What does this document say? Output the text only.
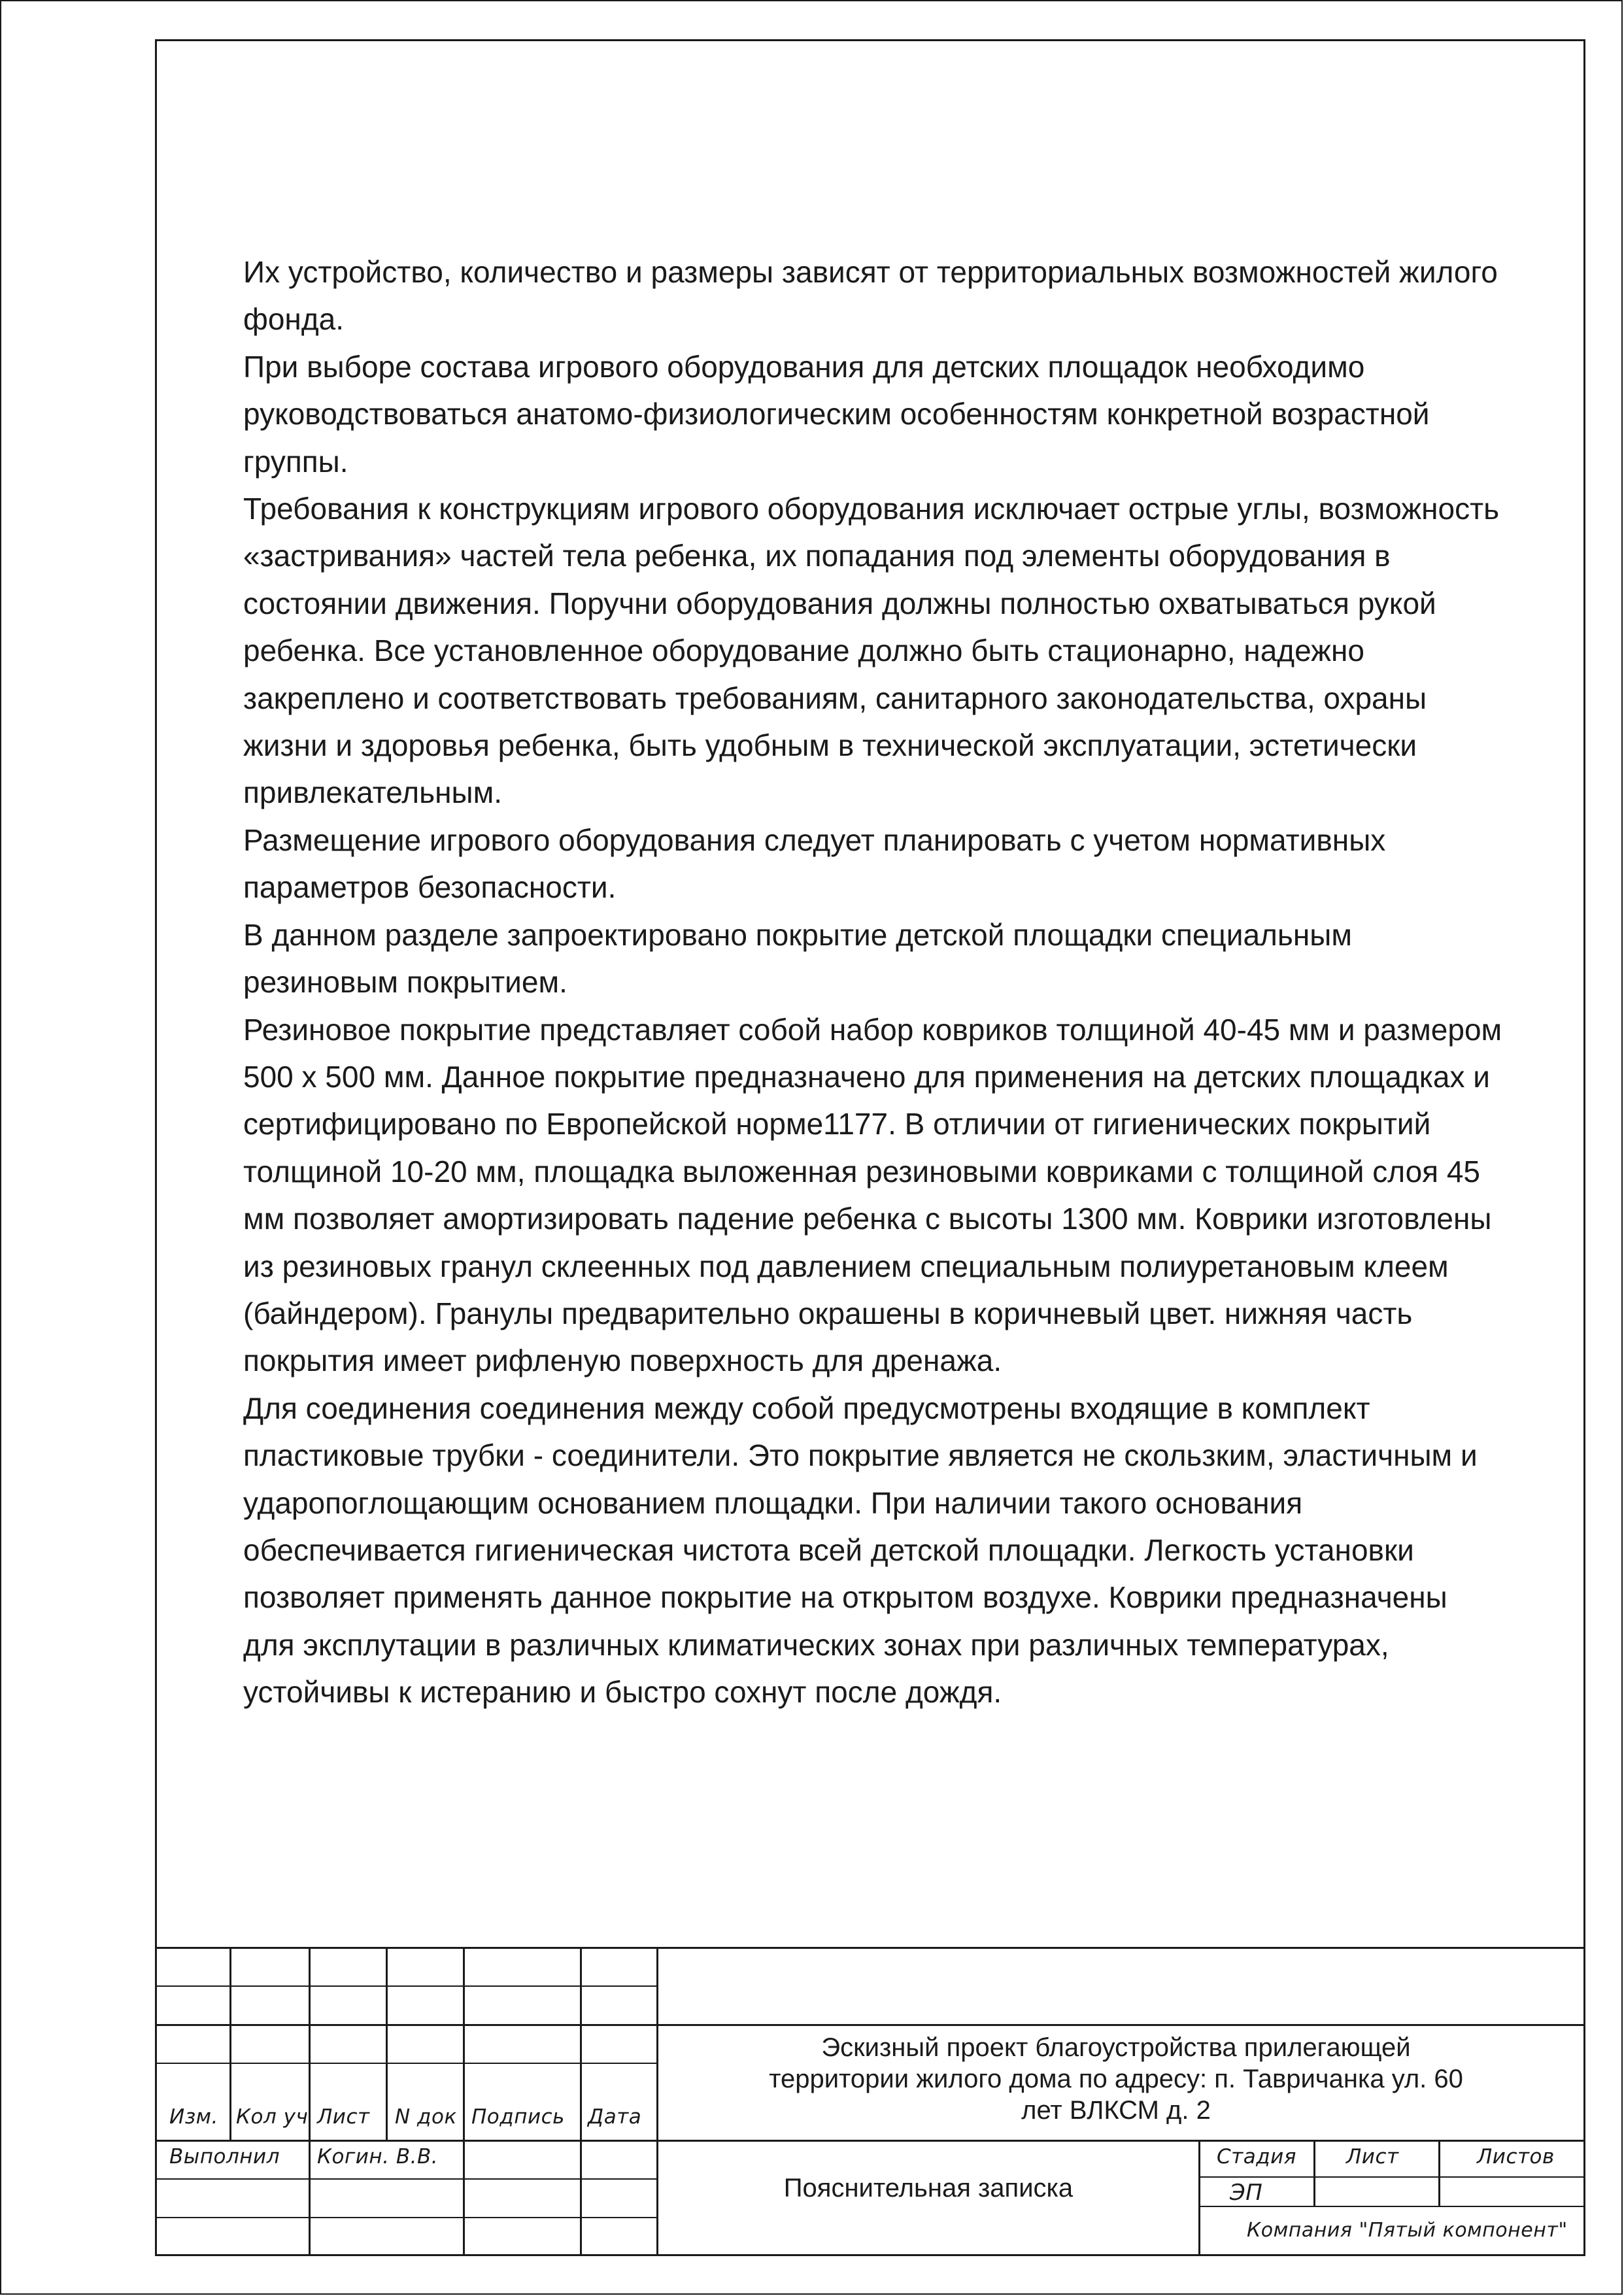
Их устройство, количество и размеры зависят от территориальных возможностей жилого фонда.

При выборе состава игрового оборудования для детских площадок необходимо руководствоваться анатомо-физиологическим особенностям конкретной возрастной группы.

Требования к конструкциям игрового оборудования исключает острые углы, возможность «застривания» частей тела ребенка, их попадания под элементы оборудования в состоянии движения. Поручни оборудования должны полностью охватываться рукой ребенка. Все установленное оборудование должно быть стационарно, надежно закреплено и соответствовать требованиям, санитарного законодательства, охраны жизни и здоровья ребенка, быть удобным в технической эксплуатации, эстетически привлекательным.

Размещение игрового оборудования следует планировать с учетом нормативных параметров безопасности.

В данном разделе запроектировано покрытие детской площадки специальным резиновым покрытием.

Резиновое покрытие представляет собой набор ковриков толщиной 40-45 мм и размером 500 х 500 мм. Данное покрытие предназначено для применения на детских площадках и сертифицировано по Европейской норме1177. В отличии от гигиенических покрытий толщиной 10-20 мм, площадка выложенная резиновыми ковриками с толщиной слоя 45 мм позволяет амортизировать падение ребенка с высоты 1300 мм. Коврики изготовлены из резиновых гранул склеенных под давлением специальным полиуретановым клеем (байндером). Гранулы предварительно окрашены в коричневый цвет. нижняя часть покрытия имеет рифленую поверхность для дренажа.

Для соединения соединения между собой предусмотрены входящие в комплект пластиковые трубки - соединители. Это покрытие является не скользким, эластичным и ударопоглощающим основанием площадки. При наличии такого основания обеспечивается гигиеническая чистота всей детской площадки. Легкость установки позволяет применять данное покрытие на открытом воздухе. Коврики предназначены для эксплутации в различных климатических зонах при различных температурах, устойчивы к истеранию и быстро сохнут после дождя.

Изм. Кол уч Лист N док Подпись Дата
Выполнил Когин. В.В.
Эскизный проект благоустройства прилегающей территории жилого дома по адресу: п. Тавричанка ул. 60 лет ВЛКСМ д. 2
Пояснительная записка
Стадия Лист	Листов
ЭП
Компания "Пятый компонент"
